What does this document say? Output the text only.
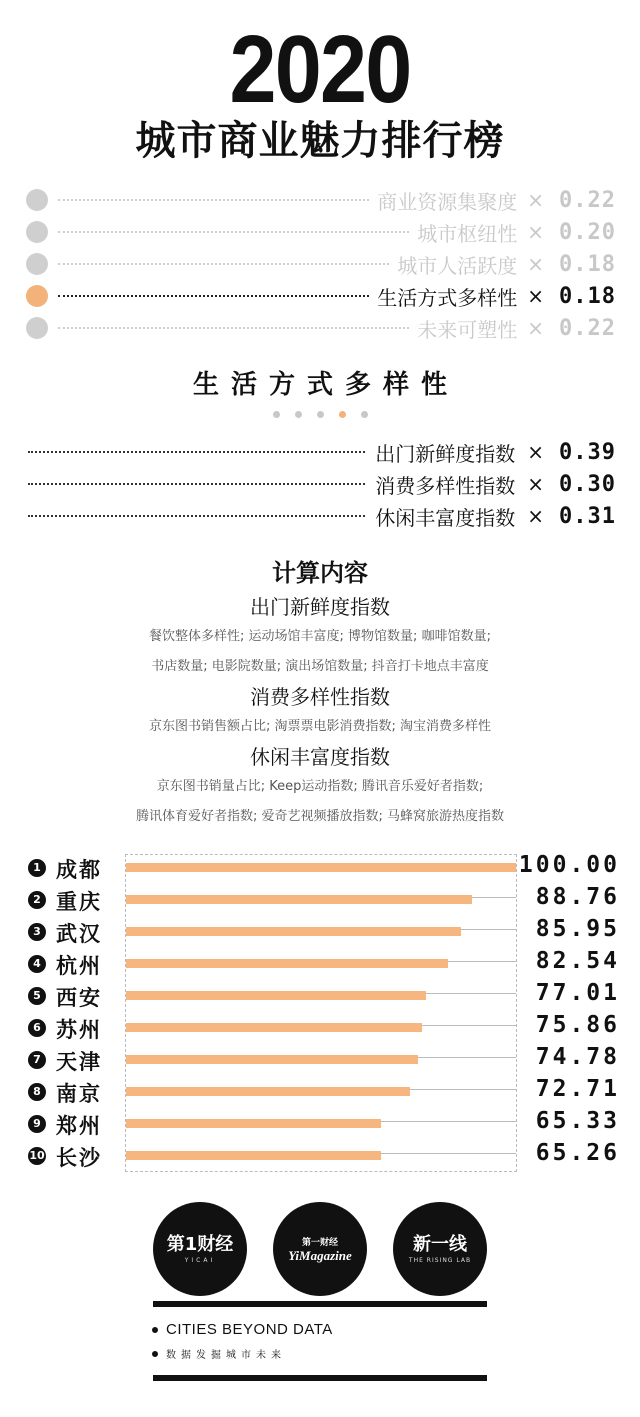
2020
城市商业魅力排行榜
商业资源集聚度 × 0.22
城市枢纽性 × 0.20
城市人活跃度 × 0.18
生活方式多样性 × 0.18
未来可塑性 × 0.22
生活方式多样性
出门新鲜度指数 × 0.39
消费多样性指数 × 0.30
休闲丰富度指数 × 0.31
计算内容
出门新鲜度指数
餐饮整体多样性; 运动场馆丰富度; 博物馆数量; 咖啡馆数量;
书店数量; 电影院数量; 演出场馆数量; 抖音打卡地点丰富度
消费多样性指数
京东图书销售额占比; 淘票票电影消费指数; 淘宝消费多样性
休闲丰富度指数
京东图书销量占比; Keep运动指数; 腾讯音乐爱好者指数;
腾讯体育爱好者指数; 爱奇艺视频播放指数; 马蜂窝旅游热度指数
1 成都	100.00
2 重庆	88.76
3 武汉	85.95
4 杭州	82.54
5 西安	77.01
6 苏州	75.86
7 天津	74.78
8 南京	72.71
9 郑州	65.33
10 长沙	65.26
第1财经
YICAI
第一财经
YiMagazine
新一线
THE RISING LAB
CITIES BEYOND DATA
数据发掘城市未来
